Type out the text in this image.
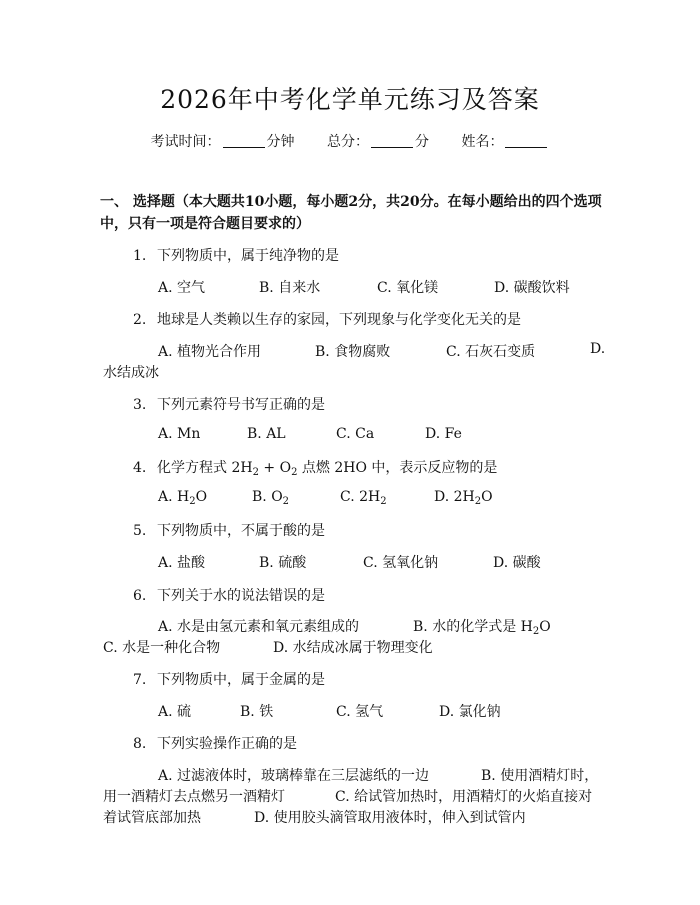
2026年中考化学单元练习及答案
考试时间：	分钟 总分：	分 姓名：
一、 选择题（本大题共10小题，每小题2分，共20分。在每小题给出的四个选项中，只有一项是符合题目要求的）
1. 下列物质中，属于纯净物的是
A. 空气	B. 自来水	C. 氧化镁	D. 碳酸饮料
2. 地球是人类赖以生存的家园，下列现象与化学变化无关的是
A. 植物光合作用	B. 食物腐败	C. 石灰石变质	D.
水结成冰
3. 下列元素符号书写正确的是
A. Mn	B. AL	C. Ca	D. Fe
4. 化学方程式 $2H_2 + O_2$ 点燃 2HO 中，表示反应物的是
A. $H_2O$	B. $O_2$	C. $2H_2$	D. $2H_2O$
5. 下列物质中，不属于酸的是
A. 盐酸	B. 硫酸	C. 氢氧化钠	D. 碳酸
6. 下列关于水的说法错误的是
A. 水是由氢元素和氧元素组成的	B. 水的化学式是 $H_2O$
C. 水是一种化合物	D. 水结成冰属于物理变化
7. 下列物质中，属于金属的是
A. 硫	B. 铁	C. 氢气	D. 氯化钠
8. 下列实验操作正确的是
A. 过滤液体时，玻璃棒靠在三层滤纸的一边	B. 使用酒精灯时，
用一酒精灯去点燃另一酒精灯	C. 给试管加热时，用酒精灯的火焰直接对
着试管底部加热	D. 使用胶头滴管取用液体时，伸入到试管内
